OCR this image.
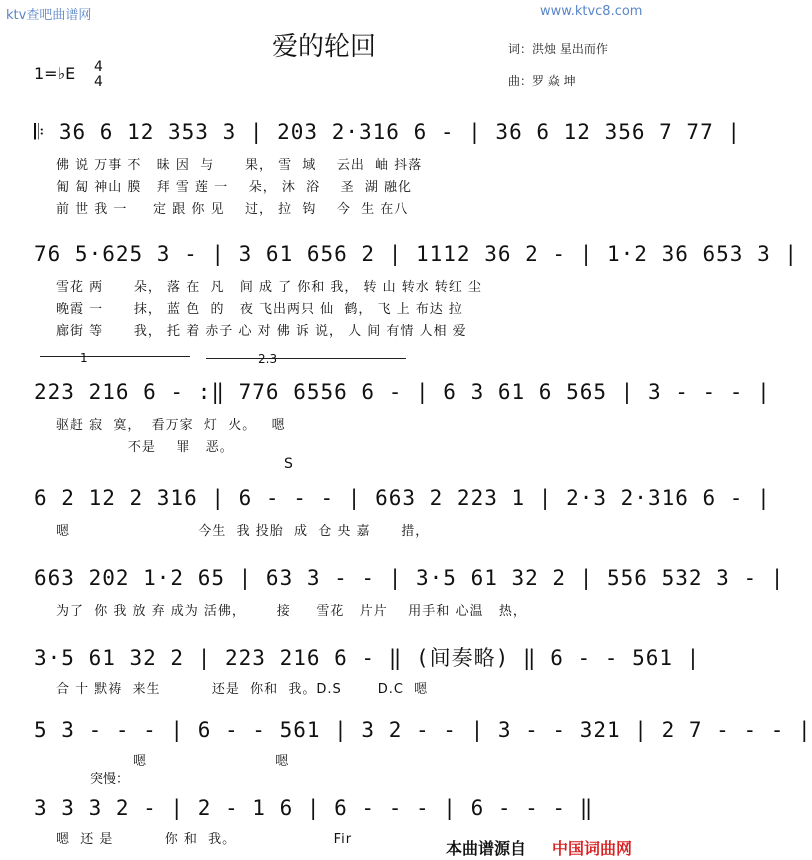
ktv查吧曲谱网	www.ktvc8.com
爱的轮回	词：洪烛 星出而作
曲：罗 焱 坤
1=♭E 4
4
𝄆 36 6 12 353 3 | 203 2·316 6 - | 36 6 12 356 7 77 |
佛 说 万事 不   昧 因  与      果， 雪  域    云出  岫 抖落
匍 匐 神山 膜   拜 雪 莲 一    朵， 沐  浴    圣  湖 融化
前 世 我 一     定 跟 你 见    过， 拉  钩    今  生 在八
76 5·625 3 - | 3 61 656 2 | 1112 36 2 - | 1·2 36 653 3 |
雪花 两      朵， 落 在  凡   间 成 了 你和 我， 转 山 转水 转红 尘
晚霞 一      抹， 蓝 色  的   夜 飞出两只 仙  鹤， 飞 上 布达 拉
廊街 等      我， 托 着 赤子 心 对 佛 诉 说， 人 间 有情 人相 爱
1	2.3
223 216 6 - :‖ 776 6556 6 - | 6 3 61 6 565 | 3 - - - |
驱赶 寂  寞，  看万家  灯  火。   嗯
不是    罪   恶。
S
6 2 12 2 316 | 6 - - - | 663 2 223 1 | 2·3 2·316 6 - |
嗯                         今生  我 投胎  成  仓 央 嘉      措，
663 202 1·2 65 | 63 3 - - | 3·5 61 32 2 | 556 532 3 - |
为了  你 我 放 弃 成为 活佛，      接     雪花   片片    用手和 心温   热，
3·5 61 32 2 | 223 216 6 - ‖ (间奏略) ‖ 6 - - 561 |
合 十 默祷  来生          还是  你和  我。D.S       D.C  嗯
5 3 - - - | 6 - - 561 | 3 2 - - | 3 - - 321 | 2 7 - - - |
嗯                         嗯
突慢：
3 3 3 2 - | 2 - 1 6 | 6 - - - | 6 - - - ‖
嗯  还 是          你 和  我。                   Fir	本曲谱源自 中国词曲网
